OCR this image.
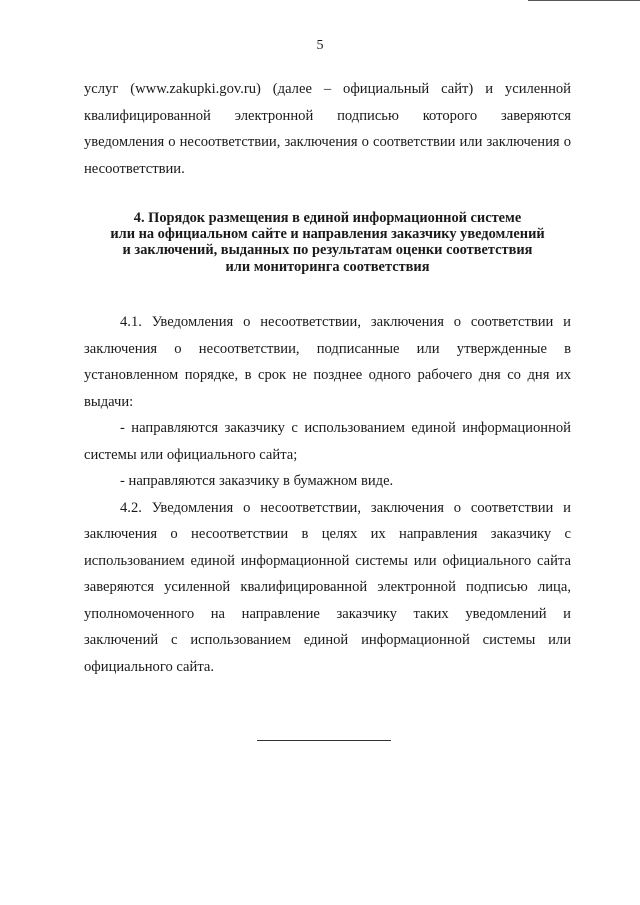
5

услуг (www.zakupki.gov.ru) (далее – официальный сайт) и усиленной квалифицированной электронной подписью которого заверяются уведомления о несоответствии, заключения о соответствии или заключения о несоответствии.

4. Порядок размещения в единой информационной системе
или на официальном сайте и направления заказчику уведомлений
и заключений, выданных по результатам оценки соответствия
или мониторинга соответствия

4.1. Уведомления о несоответствии, заключения о соответствии и заключения о несоответствии, подписанные или утвержденные в установленном порядке, в срок не позднее одного рабочего дня со дня их выдачи:

- направляются заказчику с использованием единой информационной системы или официального сайта;

- направляются заказчику в бумажном виде.

4.2. Уведомления о несоответствии, заключения о соответствии и заключения о несоответствии в целях их направления заказчику с использованием единой информационной системы или официального сайта заверяются усиленной квалифицированной электронной подписью лица, уполномоченного на направление заказчику таких уведомлений и заключений с использованием единой информационной системы или официального сайта.
